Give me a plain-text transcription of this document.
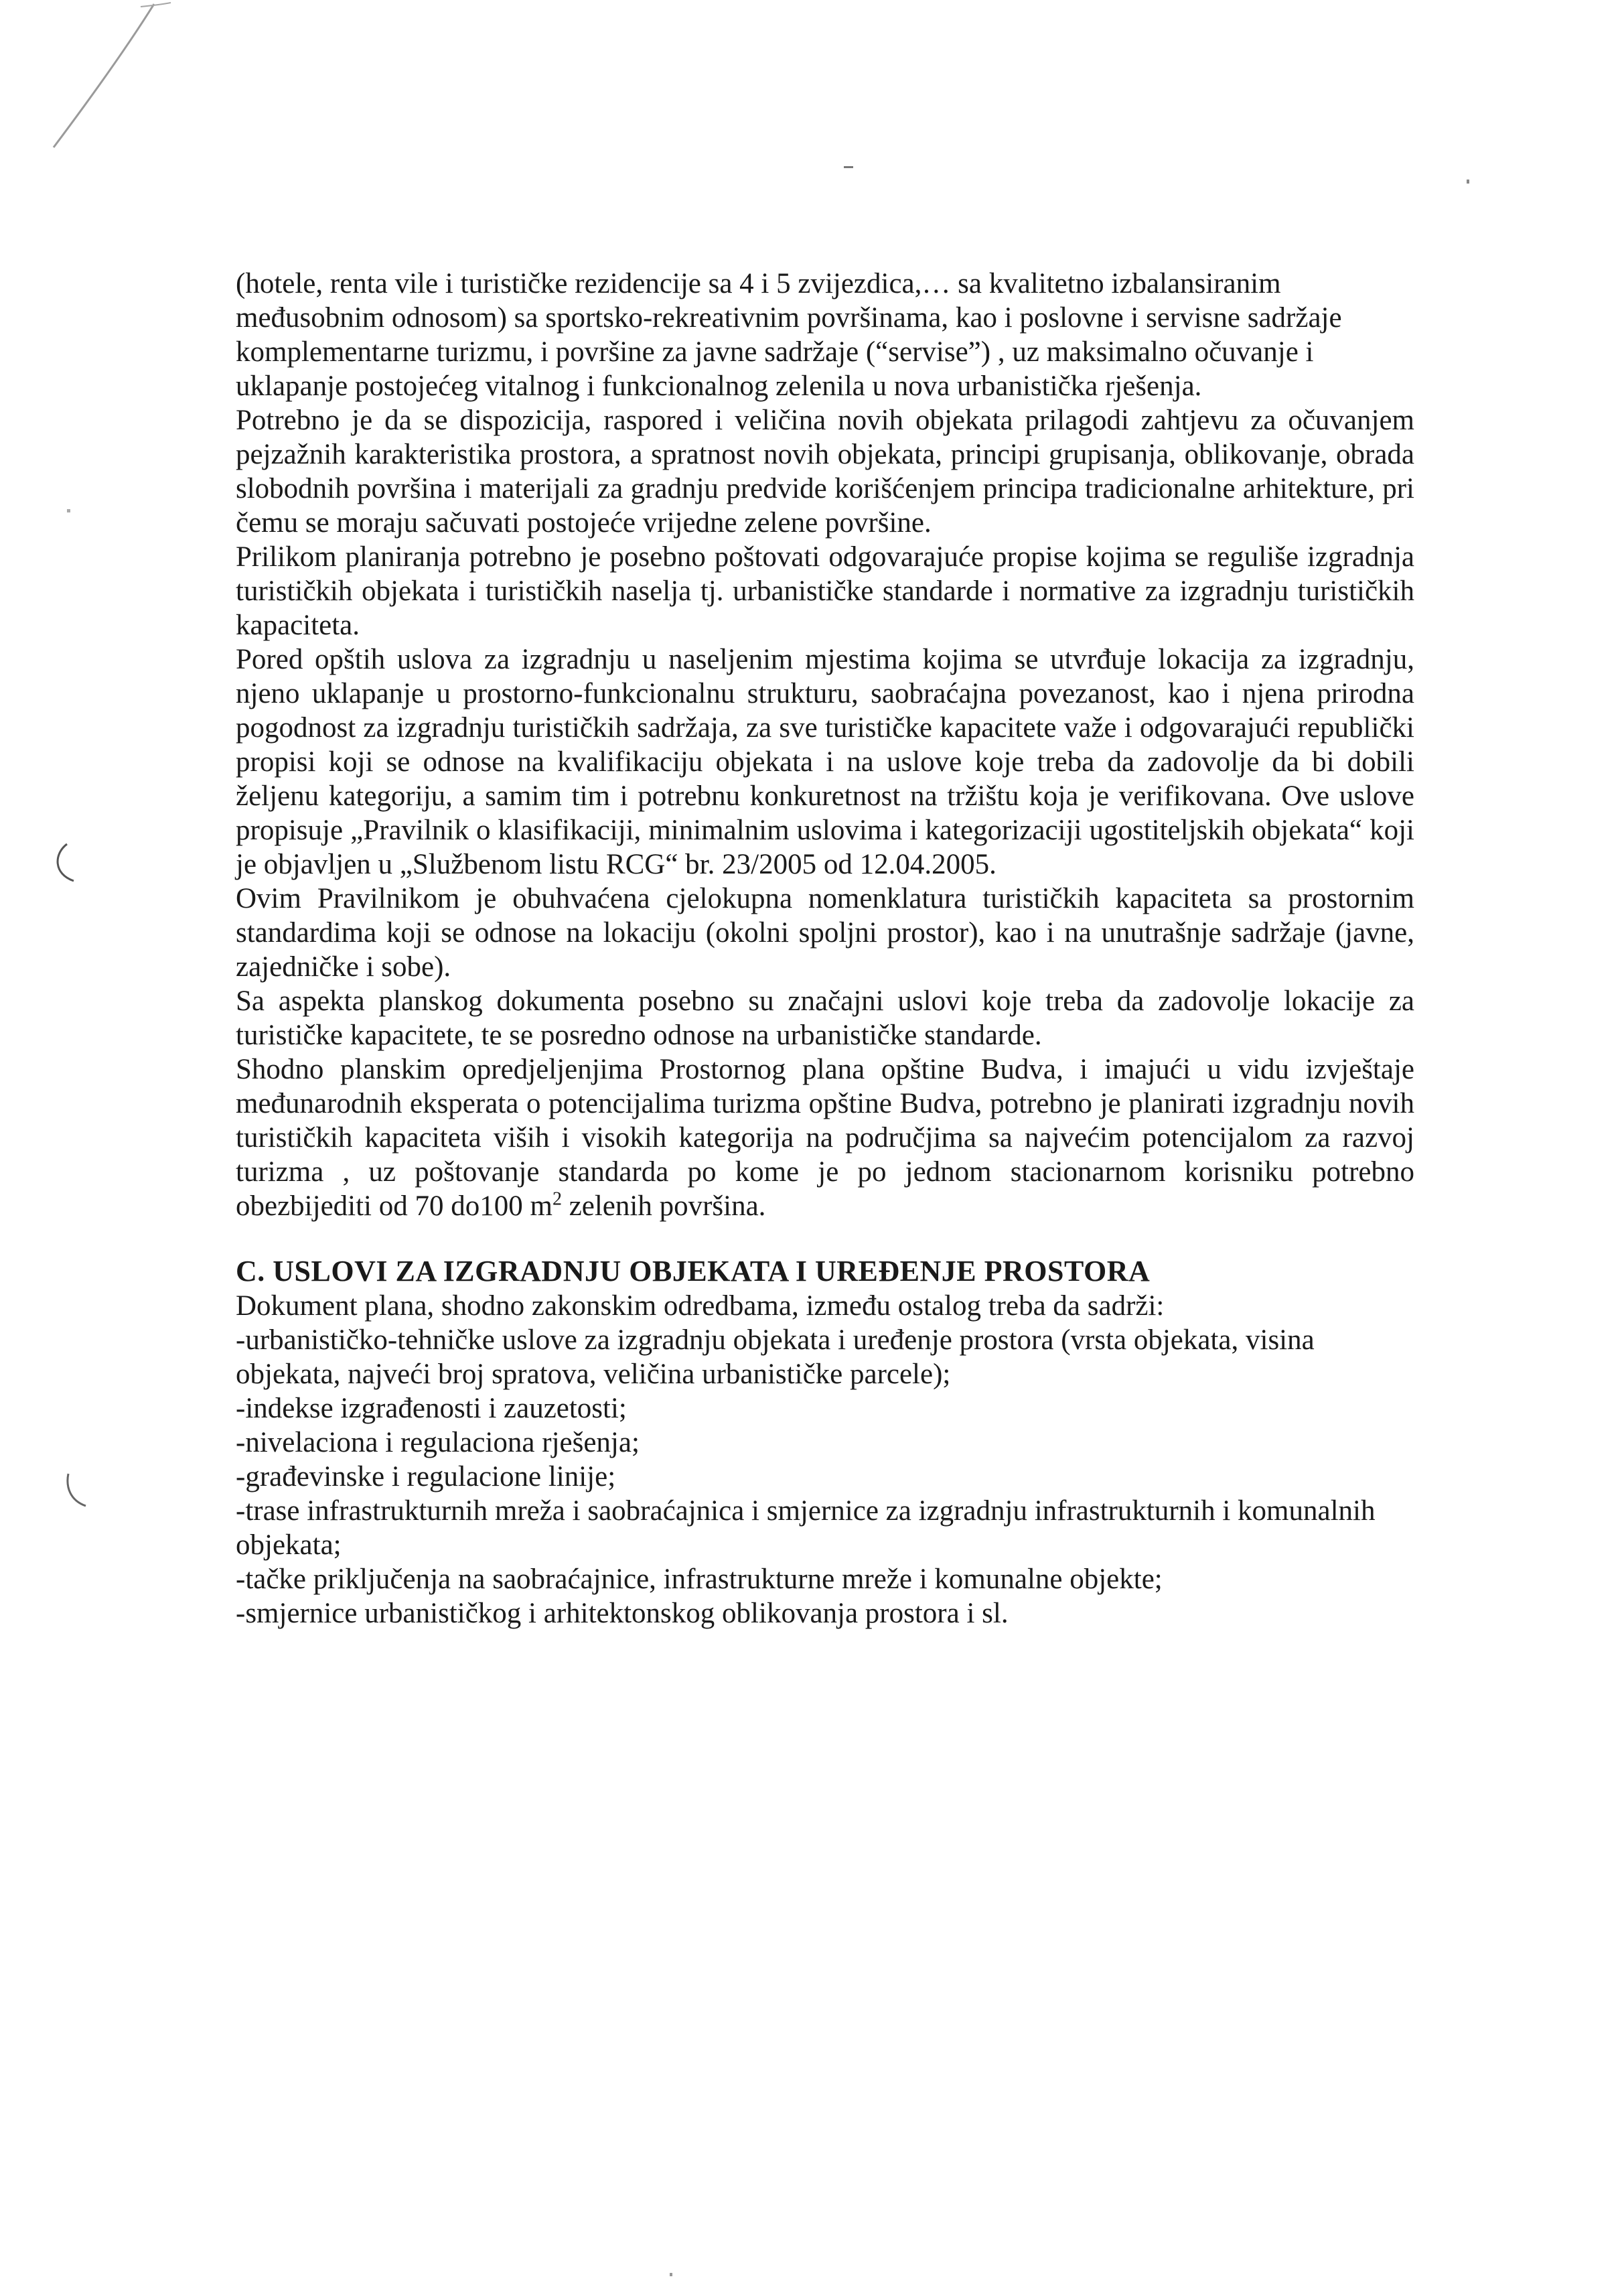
(hotele, renta vile i turističke rezidencije sa 4 i 5 zvijezdica,… sa kvalitetno izbalansiranim međusobnim odnosom) sa sportsko-rekreativnim površinama, kao i poslovne i servisne sadržaje komplementarne turizmu, i površine za javne sadržaje (“servise”) , uz maksimalno očuvanje i uklapanje postojećeg vitalnog i funkcionalnog zelenila u nova urbanistička rješenja.

Potrebno je da se dispozicija, raspored i veličina novih objekata prilagodi zahtjevu za očuvanjem pejzažnih karakteristika prostora, a spratnost novih objekata, principi grupisanja, oblikovanje, obrada slobodnih površina i materijali za gradnju predvide korišćenjem principa tradicionalne arhitekture, pri čemu se moraju sačuvati postojeće vrijedne zelene površine.

Prilikom planiranja potrebno je posebno poštovati odgovarajuće propise kojima se reguliše izgradnja turističkih objekata i turističkih naselja tj. urbanističke standarde i normative za izgradnju turističkih kapaciteta.

Pored opštih uslova za izgradnju u naseljenim mjestima kojima se utvrđuje lokacija za izgradnju, njeno uklapanje u prostorno-funkcionalnu strukturu, saobraćajna povezanost, kao i njena prirodna pogodnost za izgradnju turističkih sadržaja, za sve turističke kapacitete važe i odgovarajući republički propisi koji se odnose na kvalifikaciju objekata i na uslove koje treba da zadovolje da bi dobili željenu kategoriju, a samim tim i potrebnu konkuretnost na tržištu koja je verifikovana. Ove uslove propisuje „Pravilnik o klasifikaciji, minimalnim uslovima i kategorizaciji ugostiteljskih objekata“ koji je objavljen u „Službenom listu RCG“ br. 23/2005 od 12.04.2005.

Ovim Pravilnikom je obuhvaćena cjelokupna nomenklatura turističkih kapaciteta sa prostornim standardima koji se odnose na lokaciju (okolni spoljni prostor), kao i na unutrašnje sadržaje (javne, zajedničke i sobe).

Sa aspekta planskog dokumenta posebno su značajni uslovi koje treba da zadovolje lokacije za turističke kapacitete, te se posredno odnose na urbanističke standarde.

Shodno planskim opredjeljenjima Prostornog plana opštine Budva, i imajući u vidu izvještaje međunarodnih eksperata o potencijalima turizma opštine Budva, potrebno je planirati izgradnju novih turističkih kapaciteta viših i visokih kategorija na područjima sa najvećim potencijalom za razvoj turizma , uz poštovanje standarda po kome je po jednom stacionarnom korisniku potrebno obezbijediti od 70 do100 $m^2$ zelenih površina.

C. USLOVI ZA IZGRADNJU OBJEKATA I UREĐENJE PROSTORA

Dokument plana, shodno zakonskim odredbama, između ostalog treba da sadrži:

-urbanističko-tehničke uslove za izgradnju objekata i uređenje prostora (vrsta objekata, visina objekata, najveći broj spratova, veličina urbanističke parcele);
-indekse izgrađenosti i zauzetosti;
-nivelaciona i regulaciona rješenja;
-građevinske i regulacione linije;
-trase infrastrukturnih mreža i saobraćajnica i smjernice za izgradnju infrastrukturnih i komunalnih objekata;
-tačke priključenja na saobraćajnice, infrastrukturne mreže i komunalne objekte;
-smjernice urbanističkog i arhitektonskog oblikovanja prostora i sl.
